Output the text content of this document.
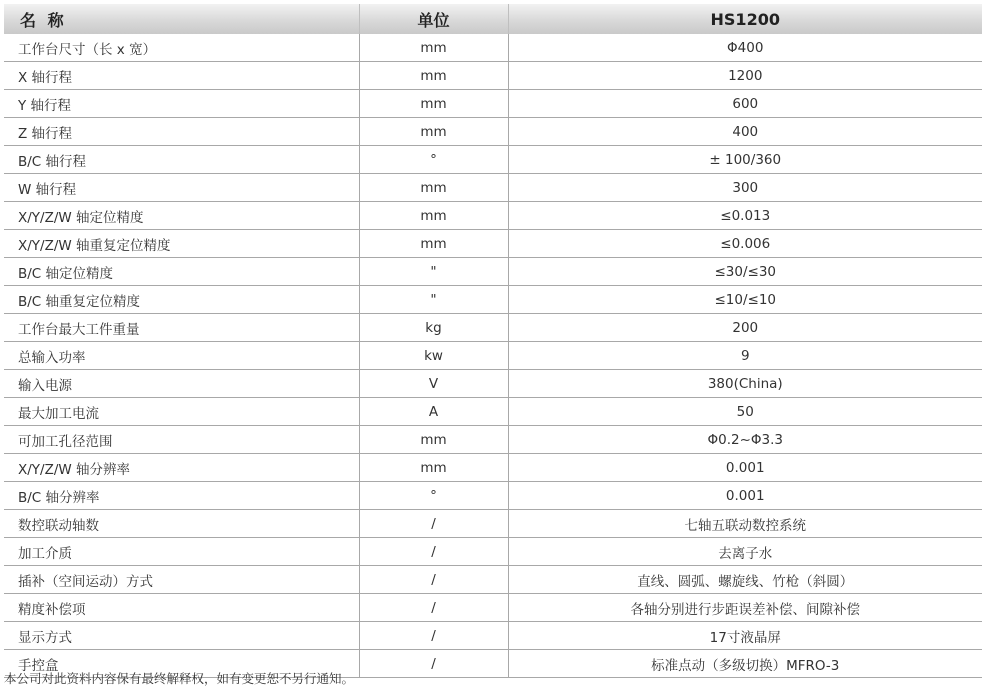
名 称	单位	HS1200
工作台尺寸（长 x 宽）	mm	Φ400
X 轴行程	mm	1200
Y 轴行程	mm	600
Z 轴行程	mm	400
B/C 轴行程	°	± 100/360
W 轴行程	mm	300
X/Y/Z/W 轴定位精度	mm	≤0.013
X/Y/Z/W 轴重复定位精度	mm	≤0.006
B/C 轴定位精度	"	≤30/≤30
B/C 轴重复定位精度	"	≤10/≤10
工作台最大工件重量	kg	200
总输入功率	kw	9
输入电源	V	380(China)
最大加工电流	A	50
可加工孔径范围	mm	Φ0.2~Φ3.3
X/Y/Z/W 轴分辨率	mm	0.001
B/C 轴分辨率	°	0.001
数控联动轴数	/	七轴五联动数控系统
加工介质	/	去离子水
插补（空间运动）方式	/	直线、圆弧、螺旋线、竹枪（斜圆）
精度补偿项	/	各轴分别进行步距误差补偿、间隙补偿
显示方式	/	17寸液晶屏
手控盒	/	标准点动（多级切换）MFRO-3
本公司对此资料内容保有最终解释权，如有变更恕不另行通知。
